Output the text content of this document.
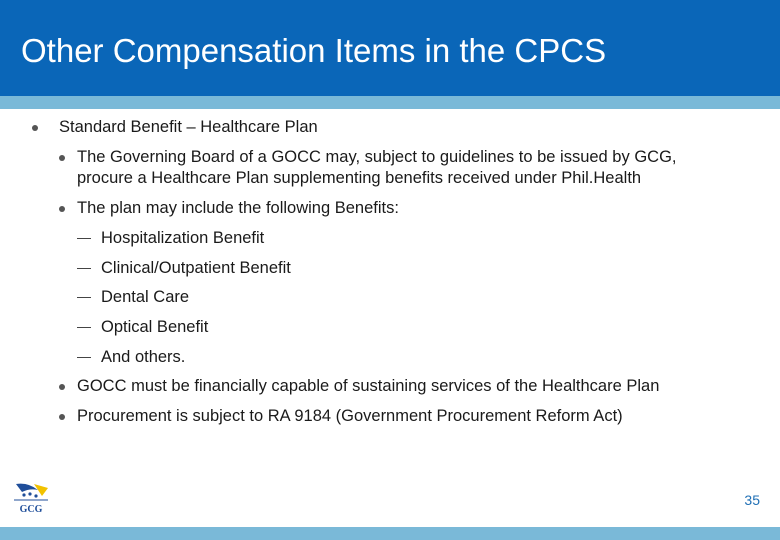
Other Compensation Items in the CPCS
Standard Benefit – Healthcare Plan
The Governing Board of a GOCC may, subject to guidelines to be issued by GCG,
procure a Healthcare Plan supplementing benefits received under Phil.Health
The plan may include the following Benefits:
Hospitalization Benefit
Clinical/Outpatient Benefit
Dental Care
Optical Benefit
And others.
GOCC must be financially capable of sustaining services of the Healthcare Plan
Procurement is subject to RA 9184 (Government Procurement Reform Act)
GCG
35
